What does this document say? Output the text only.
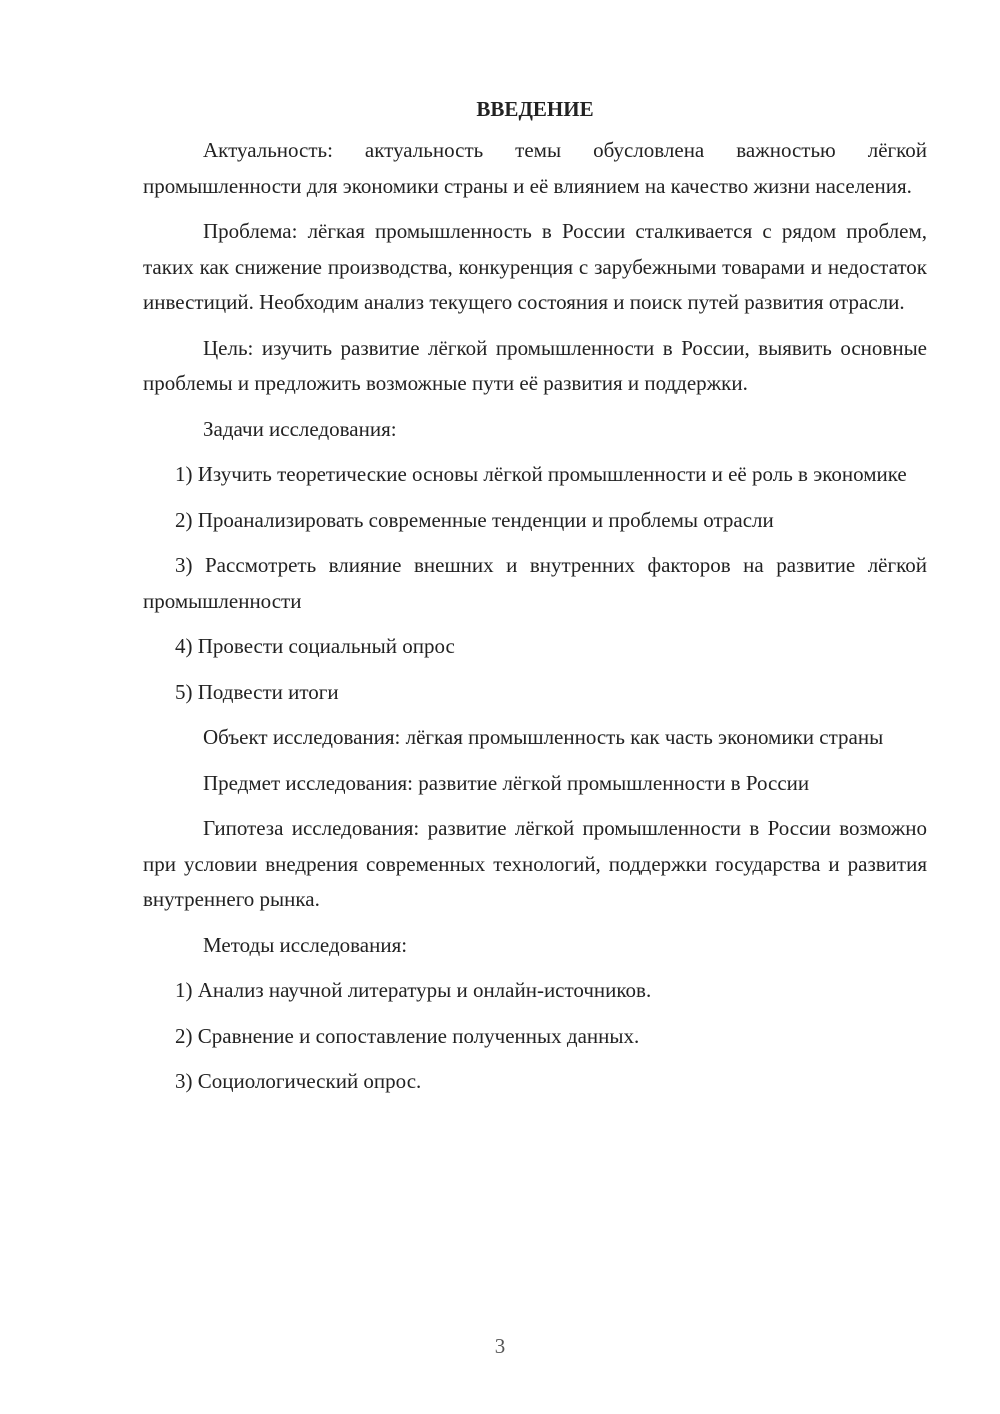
ВВЕДЕНИЕ

Актуальность: актуальность темы обусловлена важностью лёгкой промышленности для экономики страны и её влиянием на качество жизни населения.

Проблема: лёгкая промышленность в России сталкивается с рядом проблем, таких как снижение производства, конкуренция с зарубежными товарами и недостаток инвестиций. Необходим анализ текущего состояния и поиск путей развития отрасли.

Цель: изучить развитие лёгкой промышленности в России, выявить основные проблемы и предложить возможные пути её развития и поддержки.

Задачи исследования:

1) Изучить теоретические основы лёгкой промышленности и её роль в экономике

2) Проанализировать современные тенденции и проблемы отрасли

3) Рассмотреть влияние внешних и внутренних факторов на развитие лёгкой промышленности

4) Провести социальный опрос

5) Подвести итоги

Объект исследования: лёгкая промышленность как часть экономики страны

Предмет исследования: развитие лёгкой промышленности в России

Гипотеза исследования: развитие лёгкой промышленности в России возможно при условии внедрения современных технологий, поддержки государства и развития внутреннего рынка.

Методы исследования:

1) Анализ научной литературы и онлайн-источников.

2) Сравнение и сопоставление полученных данных.

3) Социологический опрос.

3
